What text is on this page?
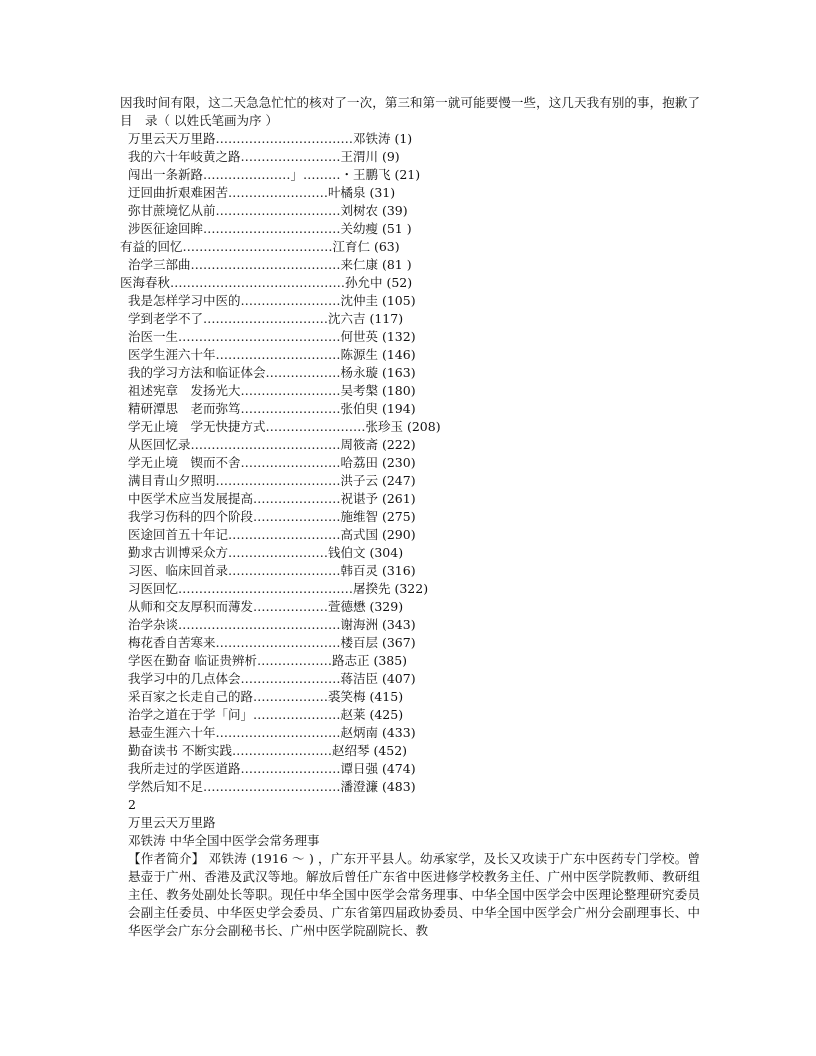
因我时间有限，这二天急急忙忙的核对了一次，第三和第一就可能要慢一些，这几天我有别的事，抱歉了目　录（ 以姓氏笔画为序 ）

万里云天万里路……………………………邓铁涛 (1)
我的六十年岐黄之路……………………王渭川 (9)
闯出一条新路…………………」………・王鹏飞 (21)
迂回曲折艰难困苦……………………叶橘泉 (31)
弥甘蔗境忆从前…………………………刘树农 (39)
涉医征途回眸……………………………关幼瘦 (51 )
有益的回忆………………………………江育仁 (63)
治学三部曲………………………………来仁康 (81 )
医海春秋……………………………………孙允中 (52)
我是怎样学习中医的……………………沈仲圭 (105)
学到老学不了…………………………沈六吉 (117)
治医一生…………………………………何世英 (132)
医学生涯六十年…………………………陈源生 (146)
我的学习方法和临证体会………………杨永璇 (163)
祖述宪章　发扬光大……………………吴考槃 (180)
精研潭思　老而弥笃……………………张伯臾 (194)
学无止境　学无快捷方式……………………张珍玉 (208)
从医回忆录………………………………周筱斋 (222)
学无止境　锲而不舍……………………哈荔田 (230)
满目青山夕照明…………………………洪子云 (247)
中医学术应当发展提高…………………祝谌予 (261)
我学习伤科的四个阶段…………………施维智 (275)
医途回首五十年记………………………高式国 (290)
勤求古训博采众方……………………钱伯文 (304)
习医、临床回首录………………………韩百灵 (316)
习医回忆……………………………………屠揆先 (322)
从师和交友厚积而薄发………………萱德懋 (329)
治学杂谈…………………………………谢海洲 (343)
梅花香自苦寒来…………………………楼百层 (367)
学医在勤奋 临证贵辨析………………路志正 (385)
我学习中的几点体会……………………蒋洁臣 (407)
采百家之长走自己的路………………裘笑梅 (415)
治学之道在于学「问」…………………赵莱 (425)
悬壶生涯六十年…………………………赵炳南 (433)
勤奋读书 不断实践……………………赵绍琴 (452)
我所走过的学医道路……………………谭日强 (474)
学然后知不足……………………………潘澄濂 (483)

2

万里云天万里路

邓铁涛 中华全国中医学会常务理事

【作者简介】 邓铁涛 (1916 ～ ) ，广东开平县人。幼承家学，及长又攻读于广东中医药专门学校。曾悬壶于广州、香港及武汉等地。解放后曾任广东省中医进修学校教务主任、广州中医学院教师、教研组主任、教务处副处长等职。现任中华全国中医学会常务理事、中华全国中医学会中医理论整理研究委员会副主任委员、中华医史学会委员、广东省第四届政协委员、中华全国中医学会广州分会副理事长、中华医学会广东分会副秘书长、广州中医学院副院长、教
